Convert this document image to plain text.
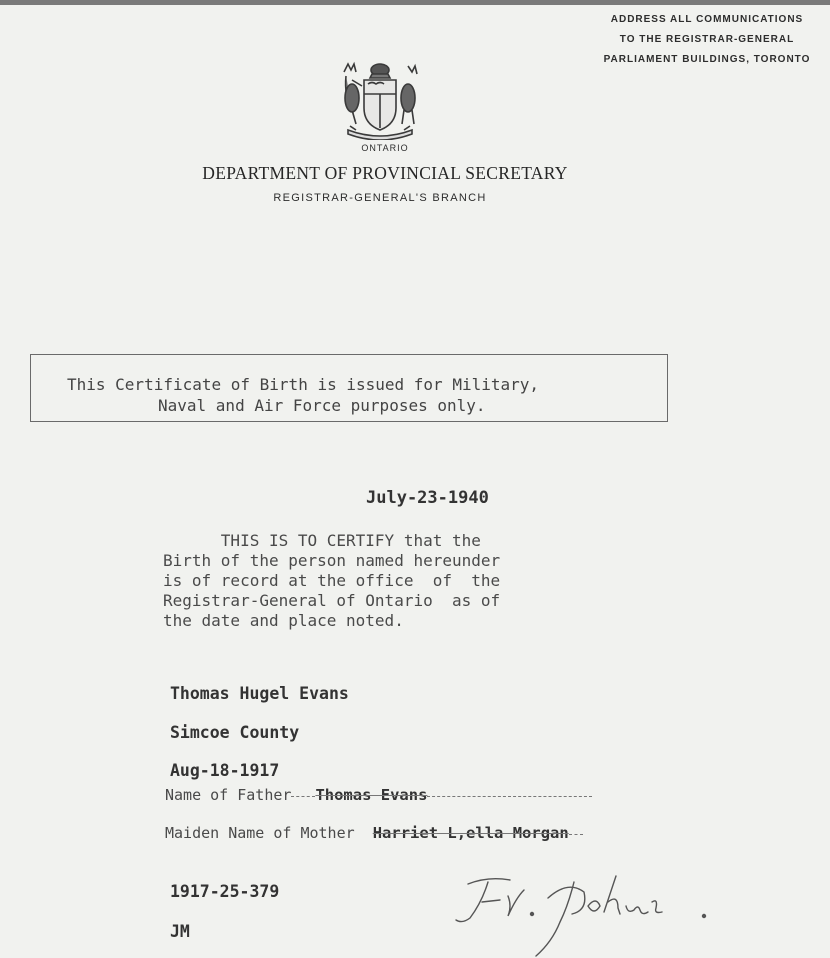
ADDRESS ALL COMMUNICATIONS
TO THE REGISTRAR-GENERAL
PARLIAMENT BUILDINGS, TORONTO
ONTARIO
DEPARTMENT OF PROVINCIAL SECRETARY
REGISTRAR-GENERAL'S BRANCH
This Certificate of Birth is issued for Military,
Naval and Air Force purposes only.
July-23-1940
THIS IS TO CERTIFY that the
Birth of the person named hereunder
is of record at the office  of  the
Registrar-General of Ontario  as of
the date and place noted.
Thomas Hugel Evans
Simcoe County
Aug-18-1917
Name of Father Thomas Evans
Maiden Name of Mother Harriet L,ella Morgan
1917-25-379
JM
